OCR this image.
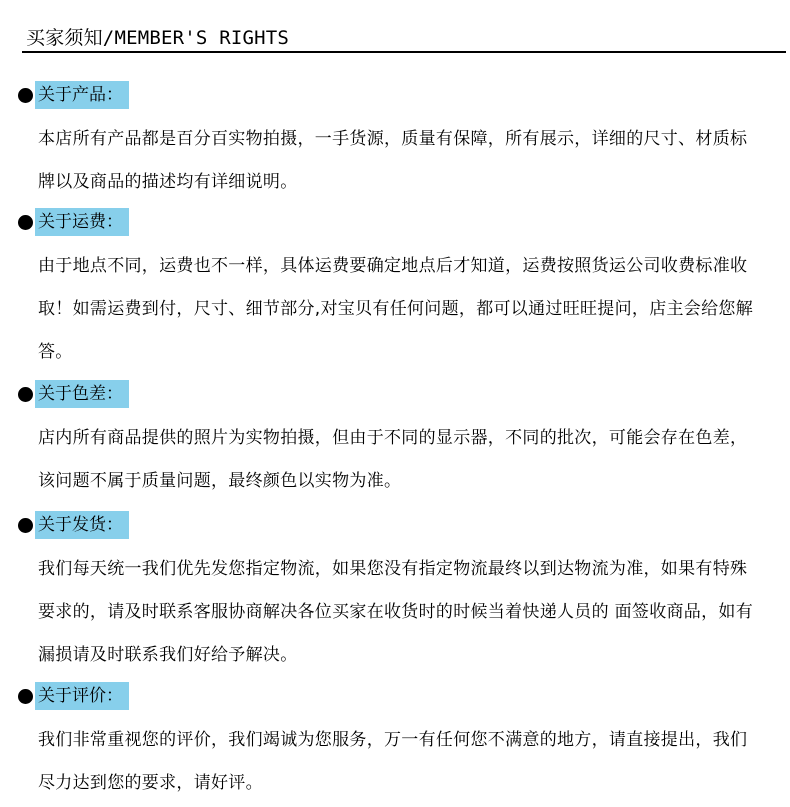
买家须知/MEMBER'S RIGHTS
关于产品：
本店所有产品都是百分百实物拍摄，一手货源，质量有保障，所有展示，详细的尺寸、材质标牌以及商品的描述均有详细说明。
关于运费：
由于地点不同，运费也不一样，具体运费要确定地点后才知道，运费按照货运公司收费标准收取！如需运费到付，尺寸、细节部分,对宝贝有任何问题，都可以通过旺旺提问，店主会给您解答。
关于色差：
店内所有商品提供的照片为实物拍摄，但由于不同的显示器，不同的批次，可能会存在色差，该问题不属于质量问题，最终颜色以实物为准。
关于发货：
我们每天统一我们优先发您指定物流，如果您没有指定物流最终以到达物流为准，如果有特殊要求的，请及时联系客服协商解决各位买家在收货时的时候当着快递人员的 面签收商品，如有漏损请及时联系我们好给予解决。
关于评价：
我们非常重视您的评价，我们竭诚为您服务，万一有任何您不满意的地方，请直接提出，我们尽力达到您的要求，请好评。
